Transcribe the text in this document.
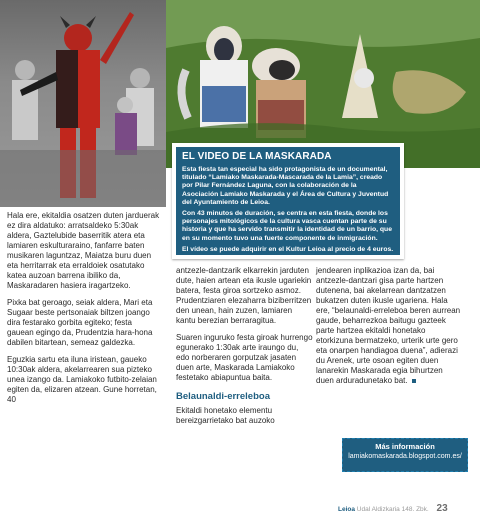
EL VIDEO DE LA MASKARADA

Esta fiesta tan especial ha sido protagonista de un documental, titulado “Lamiako Maskarada-Mascarada de la Lamia”, creado por Pilar Fernández Laguna, con la colaboración de la Asociación Lamiako Maskarada y el Área de Cultura y Juventud del Ayuntamiento de Leioa.

Con 43 minutos de duración, se centra en esta fiesta, donde los personajes mitológicos de la cultura vasca cuentan parte de su historia y que ha servido transmitir la identidad de un barrio, que en su momento tuvo una fuerte componente de inmigración.

El vídeo se puede adquirir en el Kultur Leioa al precio de 4 euros.

Hala ere, ekitaldia osatzen duten jarduerak ez dira aldatuko: arratsaldeko 5:30ak aldera, Gaztelubide baserritik atera eta lamiaren eskulturaraino, fanfarre baten musikaren laguntzaz, Maiatza buru duen eta herritarrak eta erraldoiek osatutako katea auzoan barrena ibiliko da, Maskaradaren hasiera iragartzeko.

Pixka bat geroago, seiak aldera, Mari eta Sugaar beste pertsonaiak biltzen joango dira festarako gorbita egiteko; festa gauean egingo da, Prudentzia hara-hona dabilen bitartean, semeaz galdezka.

Eguzkia sartu eta iluna iristean, gaueko 10:30ak aldera, akelarrearen sua pizteko unea izango da. Lamiakoko futbito-zelaian egiten da, elizaren atzean. Gune horretan, 40

antzezle-dantzarik elkarrekin jarduten dute, haien artean eta ikusle ugariekin batera, festa giroa sortzeko asmoz. Prudentziaren elezaharra biziberritzen den unean, hain zuzen, lamiaren kantu berezian berraragitua.

Suaren inguruko festa giroak hurrengo egunerako 1:30ak arte iraungo du, edo norberaren gorputzak jasaten duen arte, Maskarada Lamiakoko festetako abiapuntua baita.

Belaunaldi-erreleboa

Ekitaldi honetako elementu bereizgarrietako bat auzoko

jendearen inplikazioa izan da, bai antzezle-dantzari gisa parte hartzen dutenena, bai akelarrean dantzatzen bukatzen duten ikusle ugariena. Hala ere, “belaunaldi-erreleboa beren aurrean gaude, beharrezkoa baitugu gazteek parte hartzea ekitaldi honetako etorkizuna bermatzeko, urterik urte gero eta onarpen handiagoa duena”, adierazi du Arenek, urte osoan egiten duen lanarekin Maskarada egia bihurtzen duen arduradunetako bat.

Más información
lamiakomaskarada.blogspot.com.es/
Leioa Udal Aldizkaria 148. Zbk. 23
